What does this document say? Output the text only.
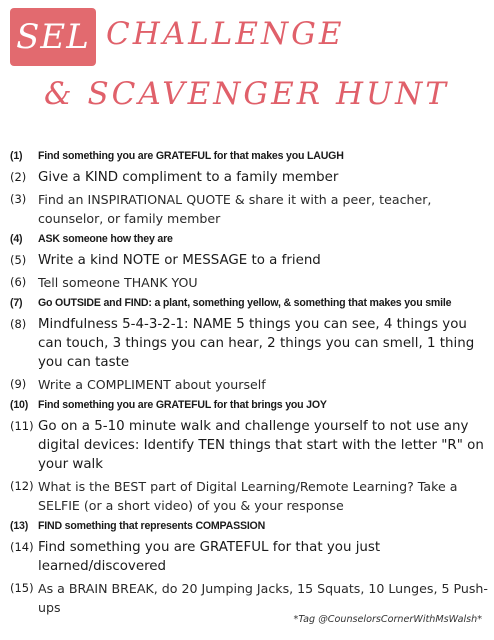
SEL CHALLENGE
& SCAVENGER HUNT
(1)	Find something you are GRATEFUL for that makes you LAUGH
(2) Give a KIND compliment to a family member
(3) Find an INSPIRATIONAL QUOTE & share it with a peer, teacher, counselor, or family member
(4)	ASK someone how they are
(5) Write a kind NOTE or MESSAGE to a friend
(6) Tell someone THANK YOU
(7)	Go OUTSIDE and FIND: a plant, something yellow, & something that makes you smile
(8) Mindfulness 5-4-3-2-1: NAME 5 things you can see, 4 things you can touch, 3 things you can hear, 2 things you can smell, 1 thing you can taste
(9) Write a COMPLIMENT about yourself
(10) Find something you are GRATEFUL for that brings you JOY
(11) Go on a 5-10 minute walk and challenge yourself to not use any digital devices: Identify TEN things that start with the letter "R" on your walk
(12) What is the BEST part of Digital Learning/Remote Learning? Take a SELFIE (or a short video) of you & your response
(13) FIND something that represents COMPASSION
(14) Find something you are GRATEFUL for that you just learned/discovered
(15) As a BRAIN BREAK, do 20 Jumping Jacks, 15 Squats, 10 Lunges, 5 Push-ups
*Tag @CounselorsCornerWithMsWalsh*
